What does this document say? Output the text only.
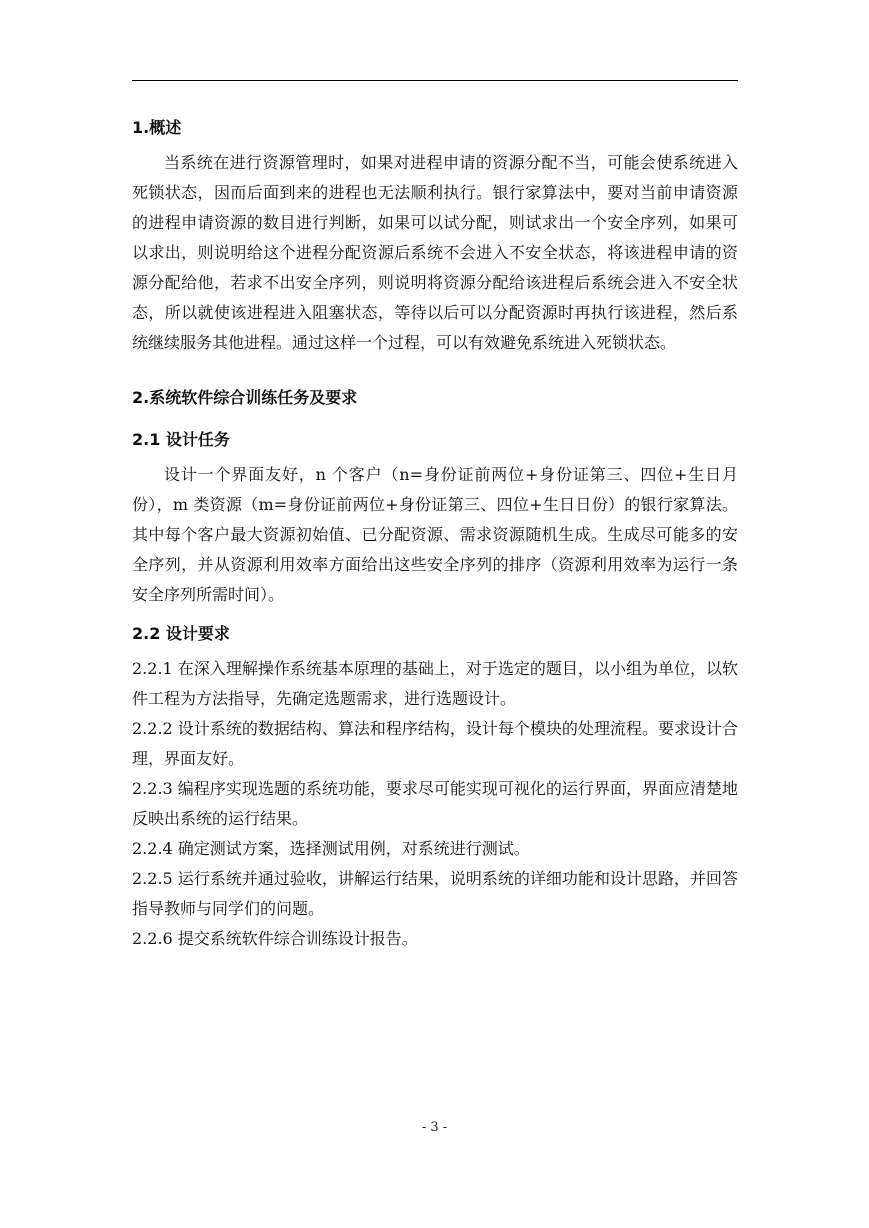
1.概述

当系统在进行资源管理时，如果对进程申请的资源分配不当，可能会使系统进入死锁状态，因而后面到来的进程也无法顺利执行。银行家算法中，要对当前申请资源的进程申请资源的数目进行判断，如果可以试分配，则试求出一个安全序列，如果可以求出，则说明给这个进程分配资源后系统不会进入不安全状态，将该进程申请的资源分配给他，若求不出安全序列，则说明将资源分配给该进程后系统会进入不安全状态，所以就使该进程进入阻塞状态，等待以后可以分配资源时再执行该进程，然后系统继续服务其他进程。通过这样一个过程，可以有效避免系统进入死锁状态。

2.系统软件综合训练任务及要求

2.1 设计任务

设计一个界面友好，n 个客户（n=身份证前两位+身份证第三、四位+生日月份），m 类资源（m=身份证前两位+身份证第三、四位+生日日份）的银行家算法。其中每个客户最大资源初始值、已分配资源、需求资源随机生成。生成尽可能多的安全序列，并从资源利用效率方面给出这些安全序列的排序（资源利用效率为运行一条安全序列所需时间）。

2.2 设计要求

2.2.1 在深入理解操作系统基本原理的基础上，对于选定的题目，以小组为单位，以软件工程为方法指导，先确定选题需求，进行选题设计。

2.2.2 设计系统的数据结构、算法和程序结构，设计每个模块的处理流程。要求设计合理，界面友好。

2.2.3 编程序实现选题的系统功能，要求尽可能实现可视化的运行界面，界面应清楚地反映出系统的运行结果。

2.2.4 确定测试方案，选择测试用例，对系统进行测试。

2.2.5 运行系统并通过验收，讲解运行结果，说明系统的详细功能和设计思路，并回答指导教师与同学们的问题。

2.2.6 提交系统软件综合训练设计报告。

- 3 -
